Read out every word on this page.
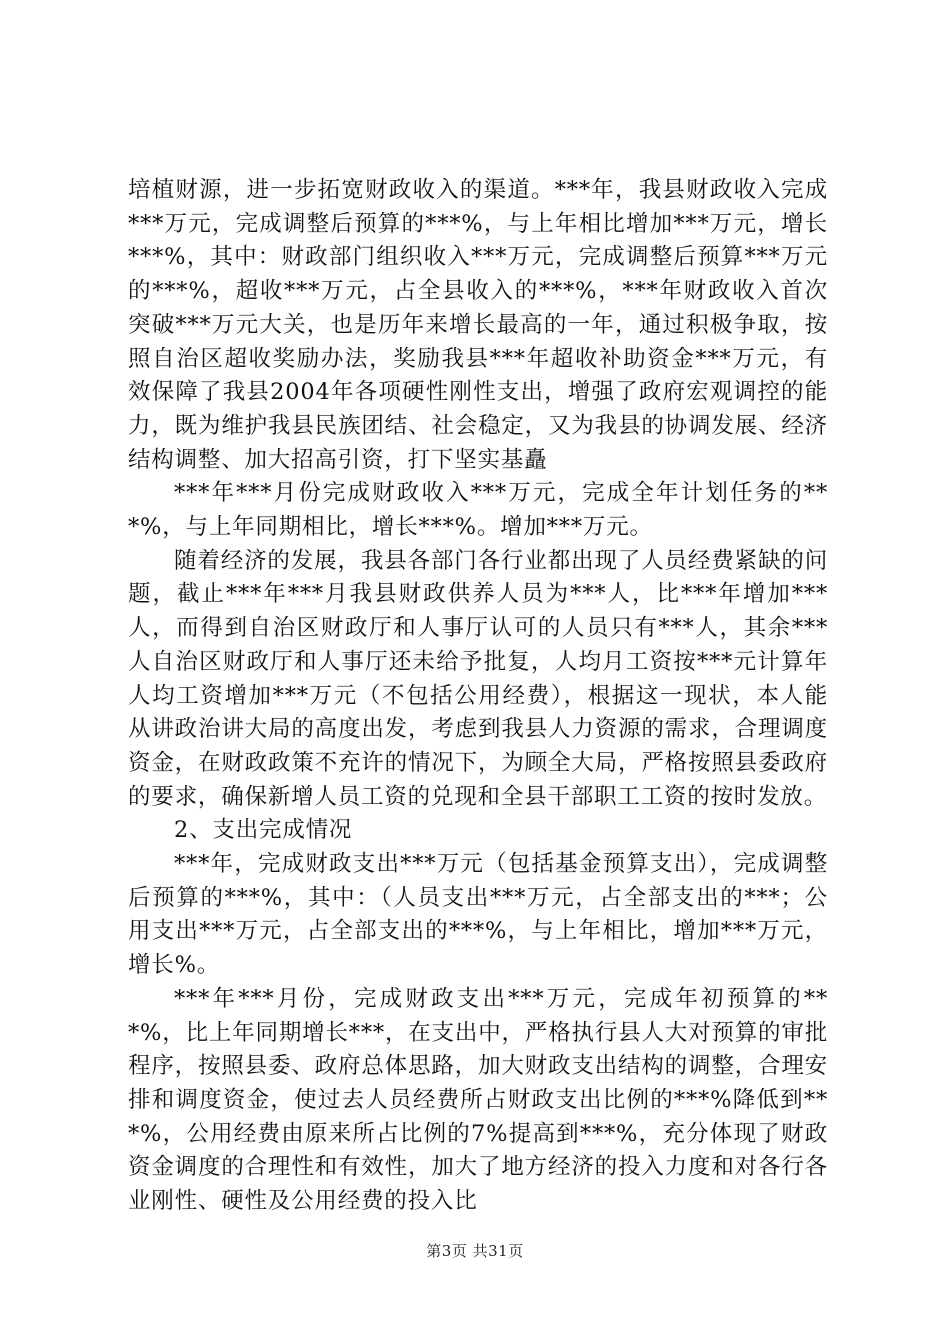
培植财源，进一步拓宽财政收入的渠道。***年，我县财政收入完成***万元，完成调整后预算的***%，与上年相比增加***万元，增长***%，其中：财政部门组织收入***万元，完成调整后预算***万元的***%，超收***万元，占全县收入的***%，***年财政收入首次突破***万元大关，也是历年来增长最高的一年，通过积极争取，按照自治区超收奖励办法，奖励我县***年超收补助资金***万元，有效保障了我县2004年各项硬性刚性支出，增强了政府宏观调控的能力，既为维护我县民族团结、社会稳定，又为我县的协调发展、经济结构调整、加大招高引资，打下坚实基矗

***年***月份完成财政收入***万元，完成全年计划任务的***%，与上年同期相比，增长***%。增加***万元。

随着经济的发展，我县各部门各行业都出现了人员经费紧缺的问题，截止***年***月我县财政供养人员为***人，比***年增加***人，而得到自治区财政厅和人事厅认可的人员只有***人，其余***人自治区财政厅和人事厅还未给予批复，人均月工资按***元计算年人均工资增加***万元（不包括公用经费），根据这一现状，本人能从讲政治讲大局的高度出发，考虑到我县人力资源的需求，合理调度资金，在财政政策不充许的情况下，为顾全大局，严格按照县委政府的要求，确保新增人员工资的兑现和全县干部职工工资的按时发放。

2、支出完成情况

***年，完成财政支出***万元（包括基金预算支出），完成调整后预算的***%，其中：（人员支出***万元，占全部支出的***；公用支出***万元，占全部支出的***%，与上年相比，增加***万元，增长%。

***年***月份，完成财政支出***万元，完成年初预算的***%，比上年同期增长***，在支出中，严格执行县人大对预算的审批程序，按照县委、政府总体思路，加大财政支出结构的调整，合理安排和调度资金，使过去人员经费所占财政支出比例的***%降低到***%，公用经费由原来所占比例的7%提高到***%，充分体现了财政资金调度的合理性和有效性，加大了地方经济的投入力度和对各行各业刚性、硬性及公用经费的投入比

第3页 共31页
